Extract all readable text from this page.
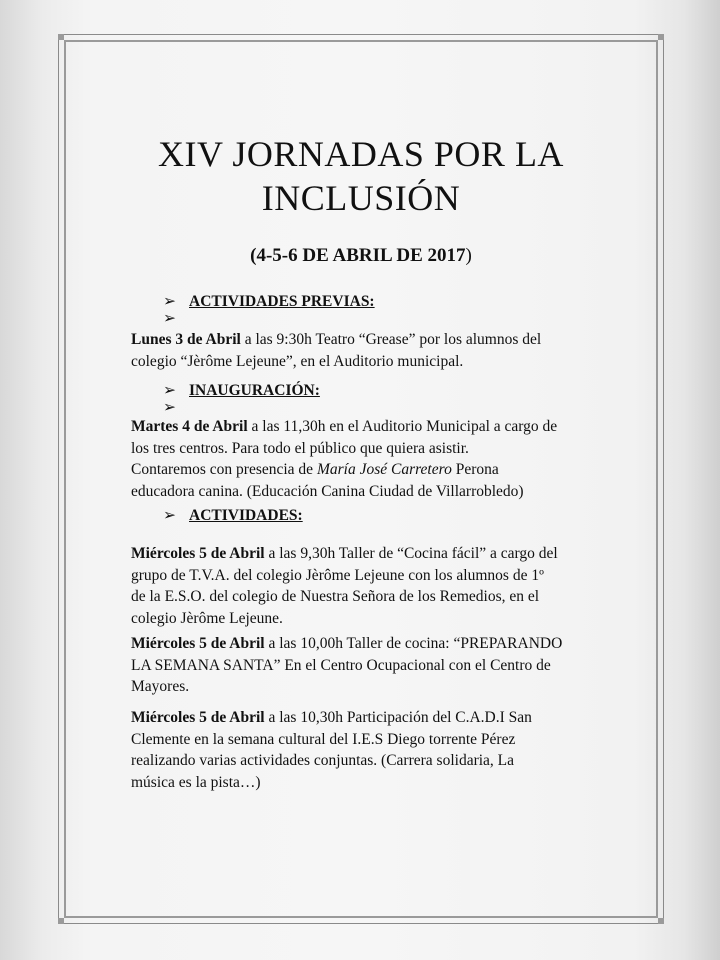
XIV JORNADAS POR LA
INCLUSIÓN
(4-5-6 DE ABRIL DE 2017)
➢ ACTIVIDADES PREVIAS:
➢
Lunes 3 de Abril a las 9:30h Teatro “Grease” por los alumnos del
colegio “Jèrôme Lejeune”, en el Auditorio municipal.
➢ INAUGURACIÓN:
➢
Martes 4 de Abril a las 11,30h en el Auditorio Municipal a cargo de
los tres centros. Para todo el público que quiera asistir.
Contaremos con presencia de María José Carretero Perona
educadora canina. (Educación Canina Ciudad de Villarrobledo)
➢ ACTIVIDADES:
Miércoles 5 de Abril a las 9,30h Taller de “Cocina fácil” a cargo del
grupo de T.V.A. del colegio Jèrôme Lejeune con los alumnos de 1º
de la E.S.O. del colegio de Nuestra Señora de los Remedios, en el
colegio Jèrôme Lejeune.
Miércoles 5 de Abril a las 10,00h Taller de cocina: “PREPARANDO
LA SEMANA SANTA” En el Centro Ocupacional con el Centro de
Mayores.
Miércoles 5 de Abril a las 10,30h Participación del C.A.D.I San
Clemente en la semana cultural del I.E.S Diego torrente Pérez
realizando varias actividades conjuntas. (Carrera solidaria, La
música es la pista…)
